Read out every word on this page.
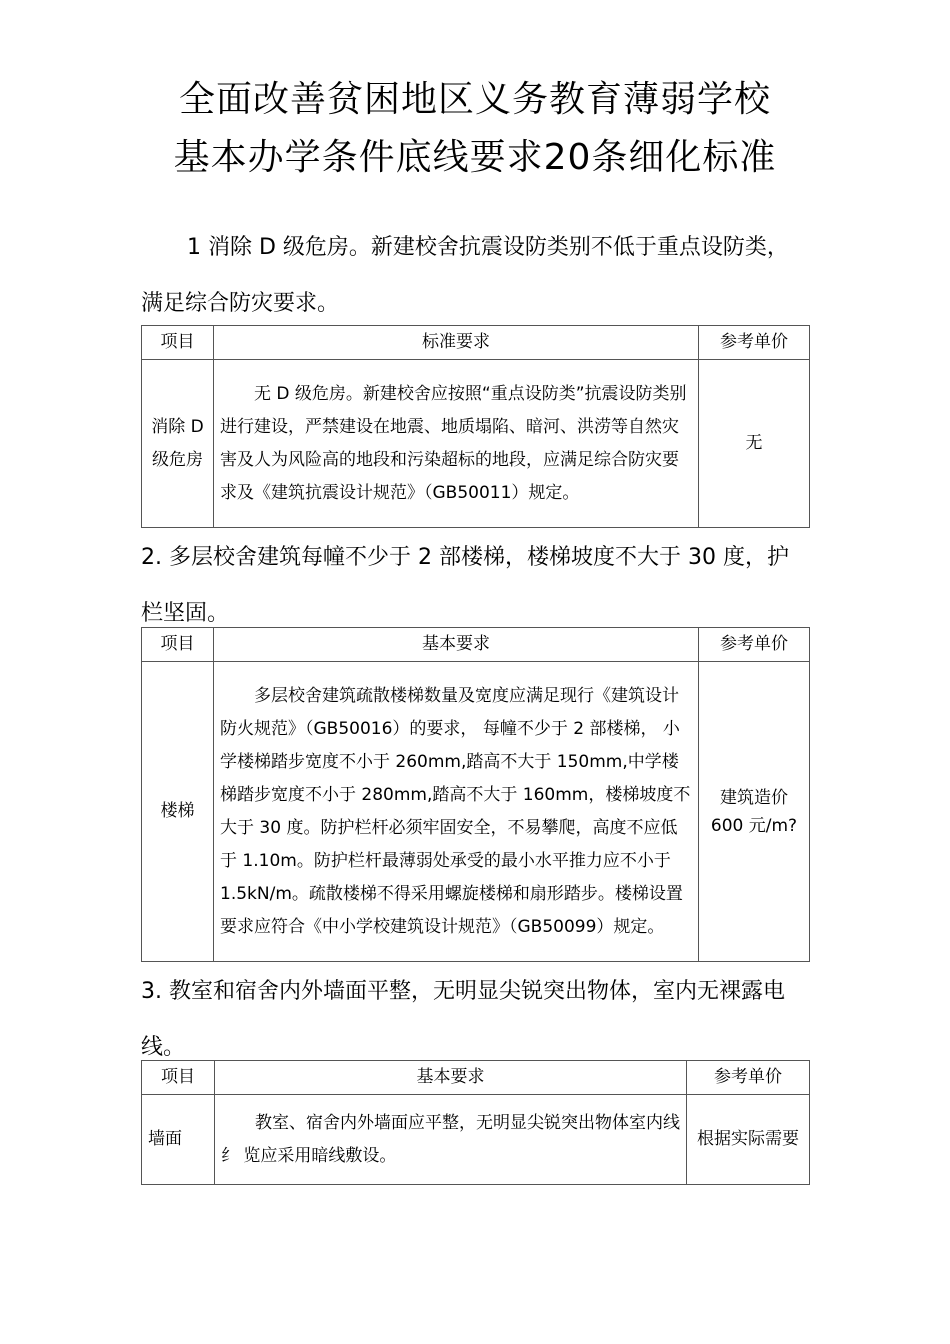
全面改善贫困地区义务教育薄弱学校
基本办学条件底线要求20条细化标准
1 消除 D 级危房。新建校舍抗震设防类别不低于重点设防类，满足综合防灾要求。
项目	标准要求	参考单价
消除 D 级危房	无 D 级危房。新建校舍应按照“重点设防类”抗震设防类别进行建设，严禁建设在地震、地质塌陷、暗河、洪涝等自然灾害及人为风险高的地段和污染超标的地段，应满足综合防灾要求及《建筑抗震设计规范》（GB50011）规定。	无
2. 多层校舍建筑每幢不少于 2 部楼梯，楼梯坡度不大于 30 度，护栏坚固。
项目	基本要求	参考单价
楼梯	多层校舍建筑疏散楼梯数量及宽度应满足现行《建筑设计防火规范》（GB50016）的要求， 每幢不少于 2 部楼梯， 小学楼梯踏步宽度不小于 260mm,踏高不大于 150mm,中学楼梯踏步宽度不小于 280mm,踏高不大于 160mm，楼梯坡度不大于 30 度。防护栏杆必须牢固安全，不易攀爬，高度不应低于 1.10m。防护栏杆最薄弱处承受的最小水平推力应不小于 1.5kN/m。疏散楼梯不得采用螺旋楼梯和扇形踏步。楼梯设置要求应符合《中小学校建筑设计规范》（GB50099）规定。	建筑造价 600 元/m?
3. 教室和宿舍内外墙面平整，无明显尖锐突出物体，室内无裸露电线。
项目	基本要求	参考单价
墙面	教室、宿舍内外墙面应平整，无明显尖锐突出物体室内线纟 览应采用暗线敷设。	根据实际需要
